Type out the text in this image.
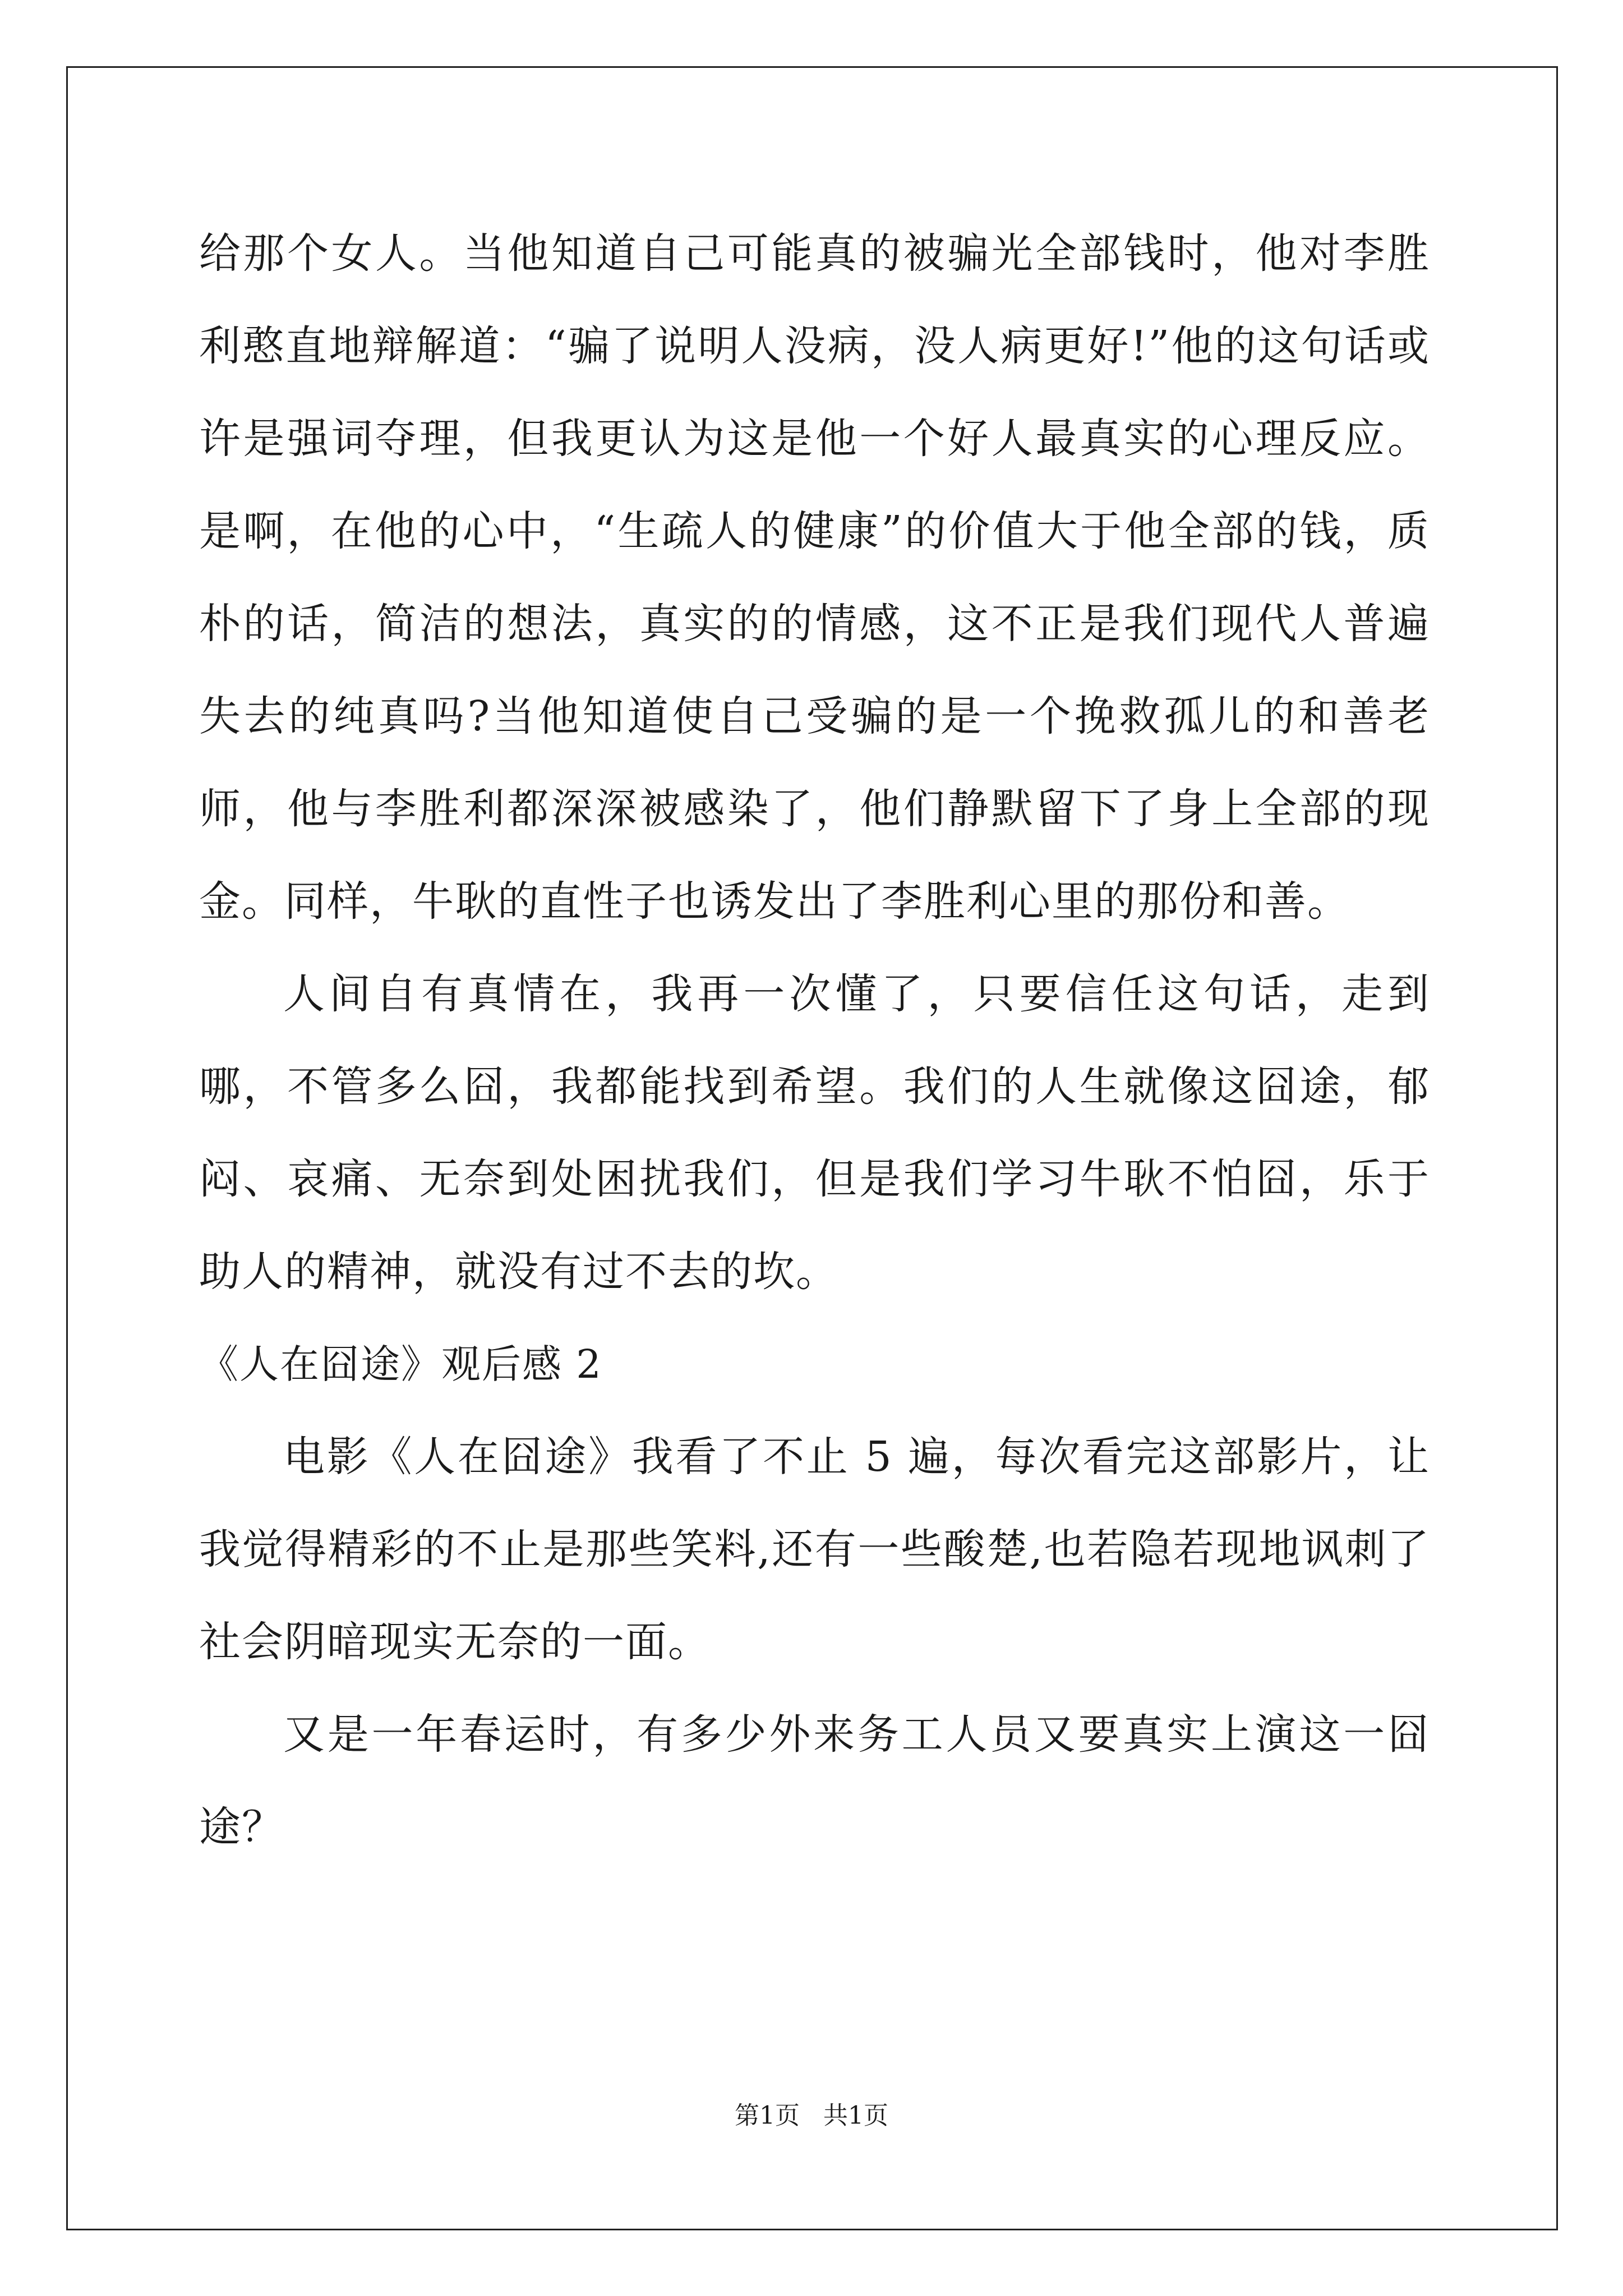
给那个女人。当他知道自己可能真的被骗光全部钱时，他对李胜利憨直地辩解道：“骗了说明人没病，没人病更好!”他的这句话或许是强词夺理，但我更认为这是他一个好人最真实的心理反应。是啊，在他的心中，“生疏人的健康”的价值大于他全部的钱，质朴的话，简洁的想法，真实的的情感，这不正是我们现代人普遍失去的纯真吗?当他知道使自己受骗的是一个挽救孤儿的和善老师，他与李胜利都深深被感染了，他们静默留下了身上全部的现金。同样，牛耿的直性子也诱发出了李胜利心里的那份和善。

人间自有真情在，我再一次懂了，只要信任这句话，走到哪，不管多么囧，我都能找到希望。我们的人生就像这囧途，郁闷、哀痛、无奈到处困扰我们，但是我们学习牛耿不怕囧，乐于助人的精神，就没有过不去的坎。

《人在囧途》观后感 2

电影《人在囧途》我看了不止 5 遍，每次看完这部影片，让我觉得精彩的不止是那些笑料,还有一些酸楚,也若隐若现地讽刺了社会阴暗现实无奈的一面。

又是一年春运时，有多少外来务工人员又要真实上演这一囧途？

第1页 共1页
